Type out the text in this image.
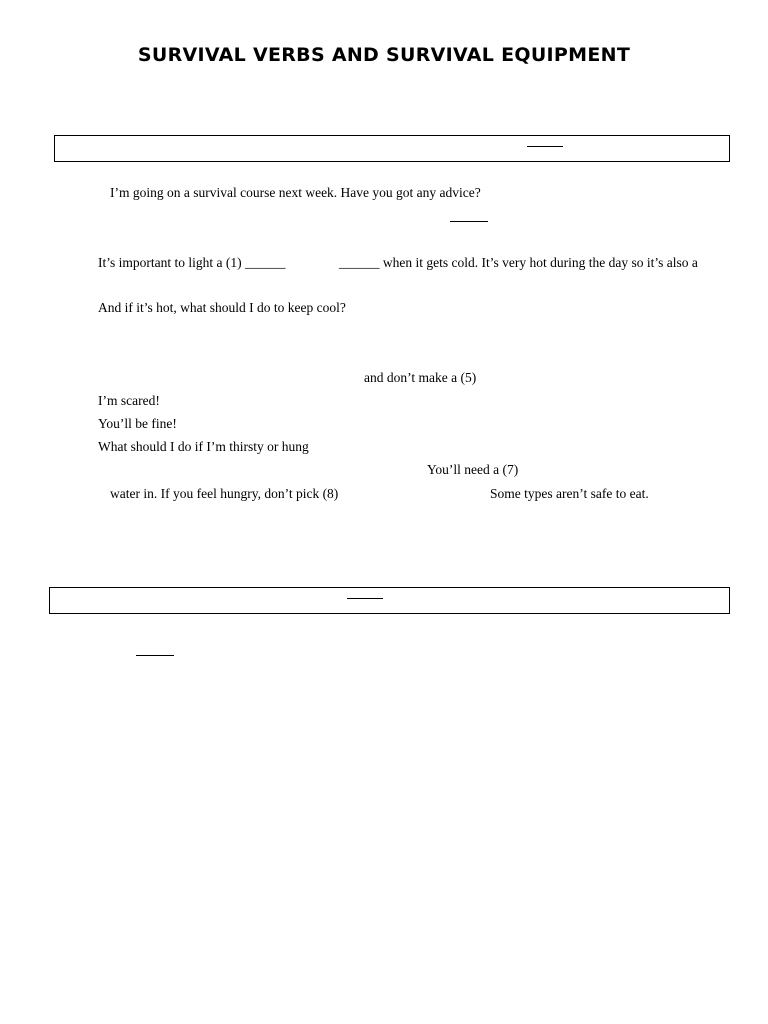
SURVIVAL VERBS AND SURVIVAL EQUIPMENT
I’m going on a survival course next week. Have you got any advice?
It’s important to light a (1) ______	______ when it gets cold. It’s very hot during the day so it’s also a
And if it’s hot, what should I do to keep cool?
and don’t make a (5)
I’m scared!
You’ll be fine!
What should I do if I’m thirsty or hung
You’ll need a (7)
water in. If you feel hungry, don’t pick (8)	Some types aren’t safe to eat.
